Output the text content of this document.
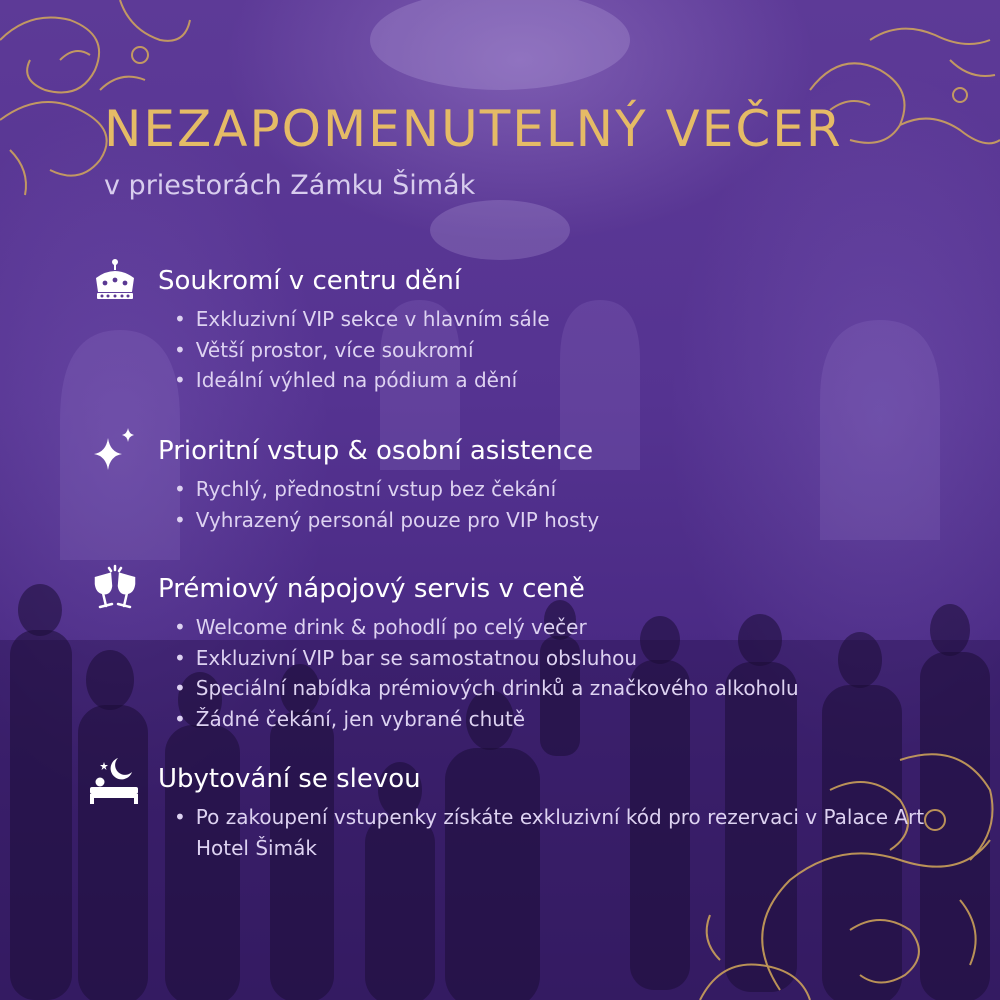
NEZAPOMENUTELNÝ VEČER
v priestorách Zámku Šimák
Soukromí v centru dění
• Exkluzivní VIP sekce v hlavním sále
• Větší prostor, více soukromí
• Ideální výhled na pódium a dění
Prioritní vstup & osobní asistence
• Rychlý, přednostní vstup bez čekání
• Vyhrazený personál pouze pro VIP hosty
Prémiový nápojový servis v ceně
• Welcome drink & pohodlí po celý večer
• Exkluzivní VIP bar se samostatnou obsluhou
• Speciální nabídka prémiových drinků a značkového alkoholu
• Žádné čekání, jen vybrané chutě
Ubytování se slevou
• Po zakoupení vstupenky získáte exkluzivní kód pro rezervaci v Palace Art Hotel Šimák
